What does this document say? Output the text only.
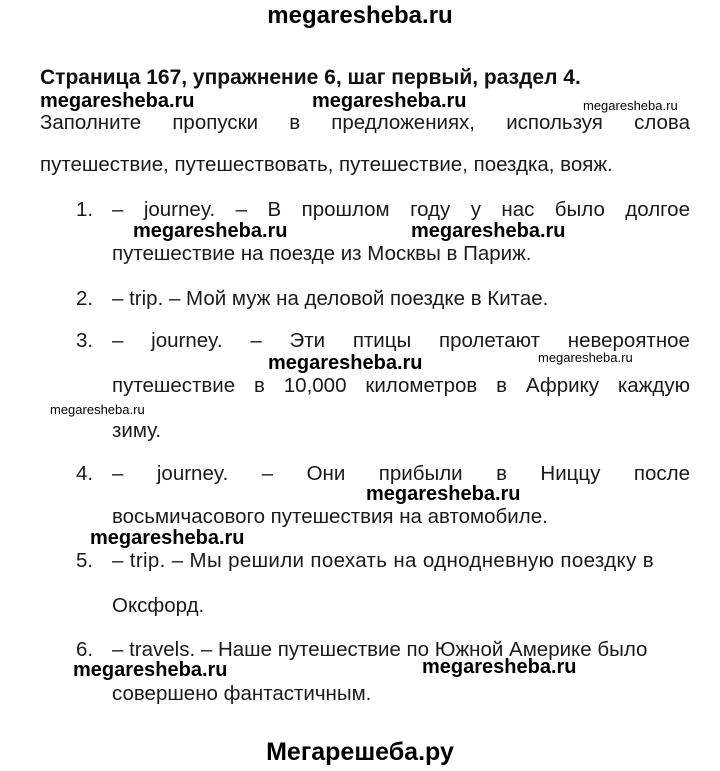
megaresheba.ru
Страница 167, упражнение 6, шаг первый, раздел 4.
megaresheba.ru	megaresheba.ru	megaresheba.ru
Заполните пропуски в предложениях, используя слова
путешествие, путешествовать, путешествие, поездка, вояж.
1. – journey. – В прошлом году у нас было долгое
megaresheba.ru	megaresheba.ru
путешествие на поезде из Москвы в Париж.
2. – trip. – Мой муж на деловой поездке в Китае.
3. – journey. – Эти птицы пролетают невероятное
megaresheba.ru	megaresheba.ru
путешествие в 10,000 километров в Африку каждую
megaresheba.ru
зиму.
4. – journey. – Они прибыли в Ниццу после
megaresheba.ru
восьмичасового путешествия на автомобиле.
megaresheba.ru
5. – trip. – Мы решили поехать на однодневную поездку в
Оксфорд.
6. – travels. – Наше путешествие по Южной Америке было
megaresheba.ru	megaresheba.ru
совершено фантастичным.
Мегарешеба.ру
